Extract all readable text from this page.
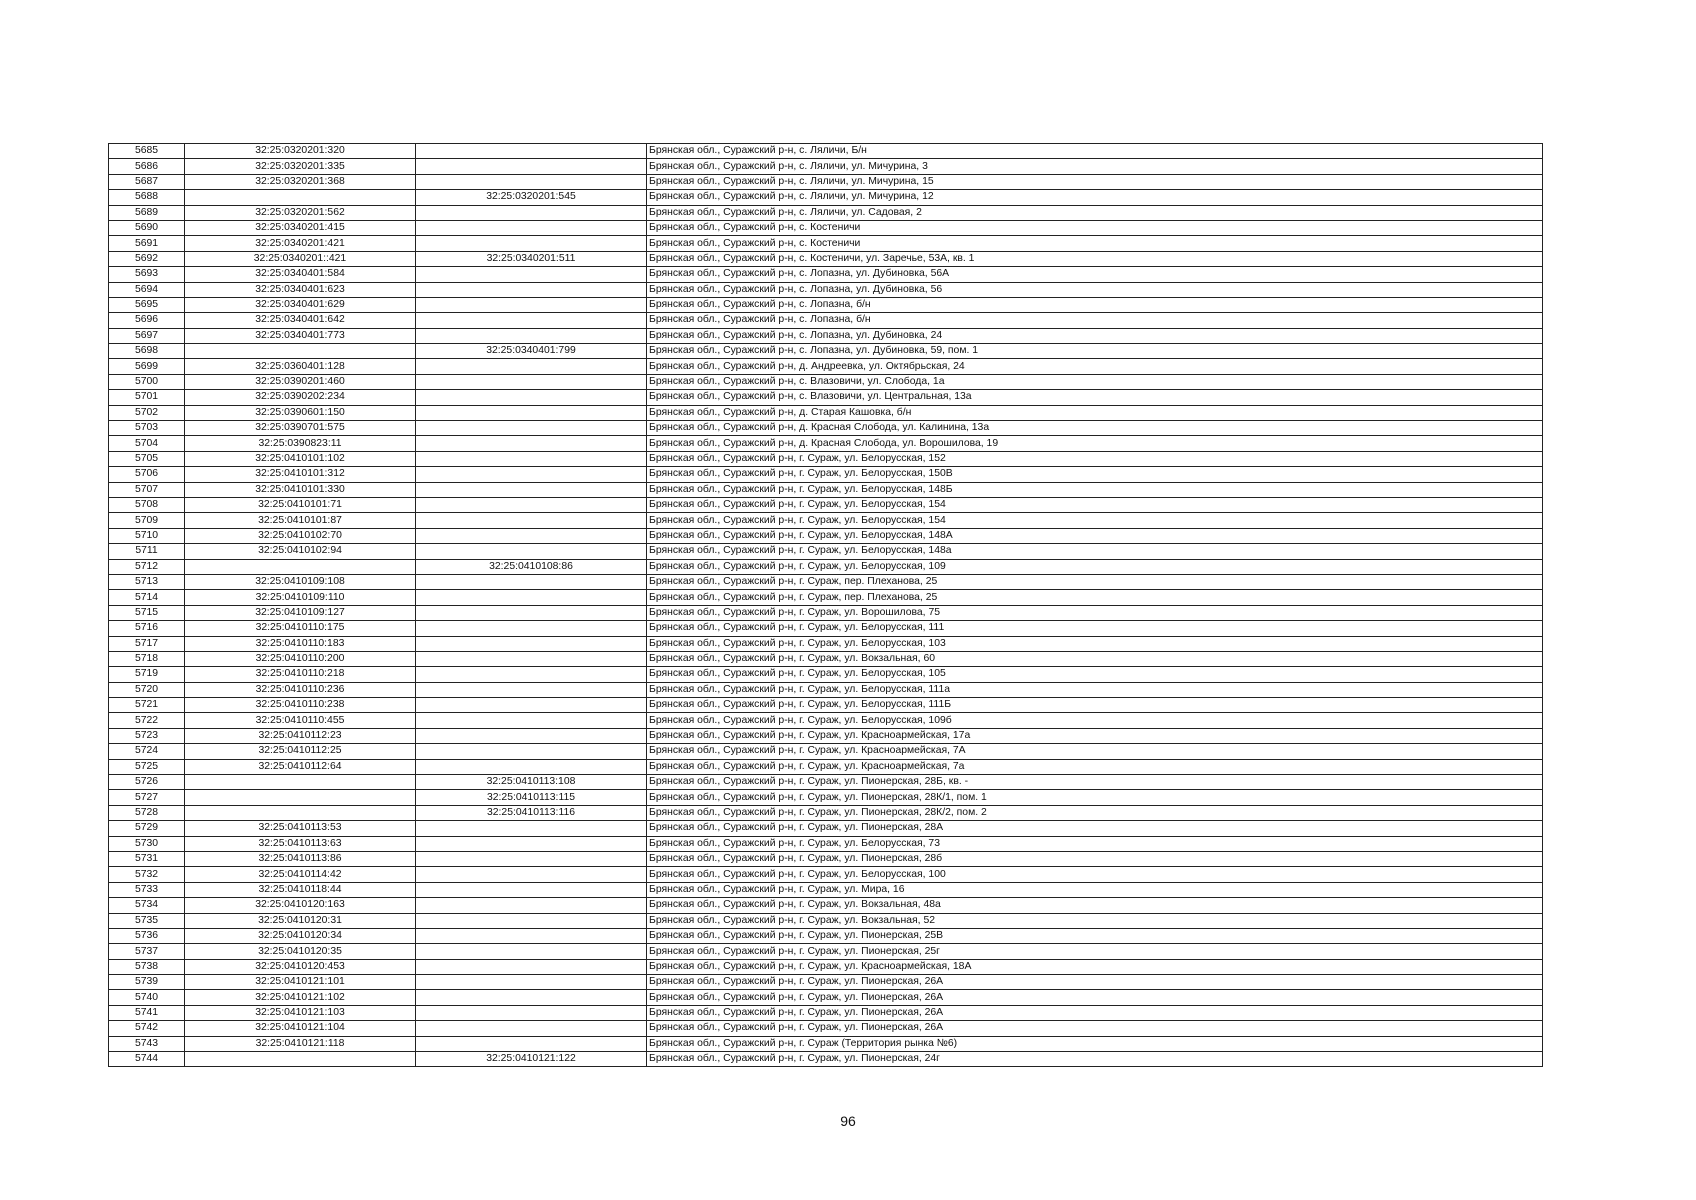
5685	32:25:0320201:320		Брянская обл., Суражский р-н, с. Ляличи, Б/н
5686	32:25:0320201:335		Брянская обл., Суражский р-н, с. Ляличи, ул. Мичурина, 3
5687	32:25:0320201:368		Брянская обл., Суражский р-н, с. Ляличи, ул. Мичурина, 15
5688		32:25:0320201:545	Брянская обл., Суражский р-н, с. Ляличи, ул. Мичурина, 12
5689	32:25:0320201:562		Брянская обл., Суражский р-н, с. Ляличи, ул. Садовая, 2
5690	32:25:0340201:415		Брянская обл., Суражский р-н, с. Костеничи
5691	32:25:0340201:421		Брянская обл., Суражский р-н, с. Костеничи
5692	32:25:0340201::421	32:25:0340201:511	Брянская обл., Суражский р-н, с. Костеничи, ул. Заречье, 53А, кв. 1
5693	32:25:0340401:584		Брянская обл., Суражский р-н, с. Лопазна, ул. Дубиновка, 56А
5694	32:25:0340401:623		Брянская обл., Суражский р-н, с. Лопазна, ул. Дубиновка, 56
5695	32:25:0340401:629		Брянская обл., Суражский р-н, с. Лопазна, б/н
5696	32:25:0340401:642		Брянская обл., Суражский р-н, с. Лопазна, б/н
5697	32:25:0340401:773		Брянская обл., Суражский р-н, с. Лопазна, ул. Дубиновка, 24
5698		32:25:0340401:799	Брянская обл., Суражский р-н, с. Лопазна, ул. Дубиновка, 59, пом. 1
5699	32:25:0360401:128		Брянская обл., Суражский р-н, д. Андреевка, ул. Октябрьская, 24
5700	32:25:0390201:460		Брянская обл., Суражский р-н, с. Влазовичи, ул. Слобода, 1а
5701	32:25:0390202:234		Брянская обл., Суражский р-н, с. Влазовичи, ул. Центральная, 13а
5702	32:25:0390601:150		Брянская обл., Суражский р-н, д. Старая Кашовка, б/н
5703	32:25:0390701:575		Брянская обл., Суражский р-н, д. Красная Слобода, ул. Калинина, 13а
5704	32:25:0390823:11		Брянская обл., Суражский р-н, д. Красная Слобода, ул. Ворошилова, 19
5705	32:25:0410101:102		Брянская обл., Суражский р-н, г. Сураж, ул. Белорусская, 152
5706	32:25:0410101:312		Брянская обл., Суражский р-н, г. Сураж, ул. Белорусская, 150В
5707	32:25:0410101:330		Брянская обл., Суражский р-н, г. Сураж, ул. Белорусская, 148Б
5708	32:25:0410101:71		Брянская обл., Суражский р-н, г. Сураж, ул. Белорусская, 154
5709	32:25:0410101:87		Брянская обл., Суражский р-н, г. Сураж, ул. Белорусская, 154
5710	32:25:0410102:70		Брянская обл., Суражский р-н, г. Сураж, ул. Белорусская, 148А
5711	32:25:0410102:94		Брянская обл., Суражский р-н, г. Сураж, ул. Белорусская, 148а
5712		32:25:0410108:86	Брянская обл., Суражский р-н, г. Сураж, ул. Белорусская, 109
5713	32:25:0410109:108		Брянская обл., Суражский р-н, г. Сураж, пер. Плеханова, 25
5714	32:25:0410109:110		Брянская обл., Суражский р-н, г. Сураж, пер. Плеханова, 25
5715	32:25:0410109:127		Брянская обл., Суражский р-н, г. Сураж, ул. Ворошилова, 75
5716	32:25:0410110:175		Брянская обл., Суражский р-н, г. Сураж, ул. Белорусская, 111
5717	32:25:0410110:183		Брянская обл., Суражский р-н, г. Сураж, ул. Белорусская, 103
5718	32:25:0410110:200		Брянская обл., Суражский р-н, г. Сураж, ул. Вокзальная, 60
5719	32:25:0410110:218		Брянская обл., Суражский р-н, г. Сураж, ул. Белорусская, 105
5720	32:25:0410110:236		Брянская обл., Суражский р-н, г. Сураж, ул. Белорусская, 111а
5721	32:25:0410110:238		Брянская обл., Суражский р-н, г. Сураж, ул. Белорусская, 111Б
5722	32:25:0410110:455		Брянская обл., Суражский р-н, г. Сураж, ул. Белорусская, 109б
5723	32:25:0410112:23		Брянская обл., Суражский р-н, г. Сураж, ул. Красноармейская, 17а
5724	32:25:0410112:25		Брянская обл., Суражский р-н, г. Сураж, ул. Красноармейская, 7А
5725	32:25:0410112:64		Брянская обл., Суражский р-н, г. Сураж, ул. Красноармейская, 7а
5726		32:25:0410113:108	Брянская обл., Суражский р-н, г. Сураж, ул. Пионерская, 28Б, кв. -
5727		32:25:0410113:115	Брянская обл., Суражский р-н, г. Сураж, ул. Пионерская, 28К/1, пом. 1
5728		32:25:0410113:116	Брянская обл., Суражский р-н, г. Сураж, ул. Пионерская, 28К/2, пом. 2
5729	32:25:0410113:53		Брянская обл., Суражский р-н, г. Сураж, ул. Пионерская, 28А
5730	32:25:0410113:63		Брянская обл., Суражский р-н, г. Сураж, ул. Белорусская, 73
5731	32:25:0410113:86		Брянская обл., Суражский р-н, г. Сураж, ул. Пионерская, 28б
5732	32:25:0410114:42		Брянская обл., Суражский р-н, г. Сураж, ул. Белорусская, 100
5733	32:25:0410118:44		Брянская обл., Суражский р-н, г. Сураж, ул. Мира, 16
5734	32:25:0410120:163		Брянская обл., Суражский р-н, г. Сураж, ул. Вокзальная, 48а
5735	32:25:0410120:31		Брянская обл., Суражский р-н, г. Сураж, ул. Вокзальная, 52
5736	32:25:0410120:34		Брянская обл., Суражский р-н, г. Сураж, ул. Пионерская, 25В
5737	32:25:0410120:35		Брянская обл., Суражский р-н, г. Сураж, ул. Пионерская, 25г
5738	32:25:0410120:453		Брянская обл., Суражский р-н, г. Сураж, ул. Красноармейская, 18А
5739	32:25:0410121:101		Брянская обл., Суражский р-н, г. Сураж, ул. Пионерская, 26А
5740	32:25:0410121:102		Брянская обл., Суражский р-н, г. Сураж, ул. Пионерская, 26А
5741	32:25:0410121:103		Брянская обл., Суражский р-н, г. Сураж, ул. Пионерская, 26А
5742	32:25:0410121:104		Брянская обл., Суражский р-н, г. Сураж, ул. Пионерская, 26А
5743	32:25:0410121:118		Брянская обл., Суражский р-н, г. Сураж (Территория рынка №6)
5744		32:25:0410121:122	Брянская обл., Суражский р-н, г. Сураж, ул. Пионерская, 24г
96
